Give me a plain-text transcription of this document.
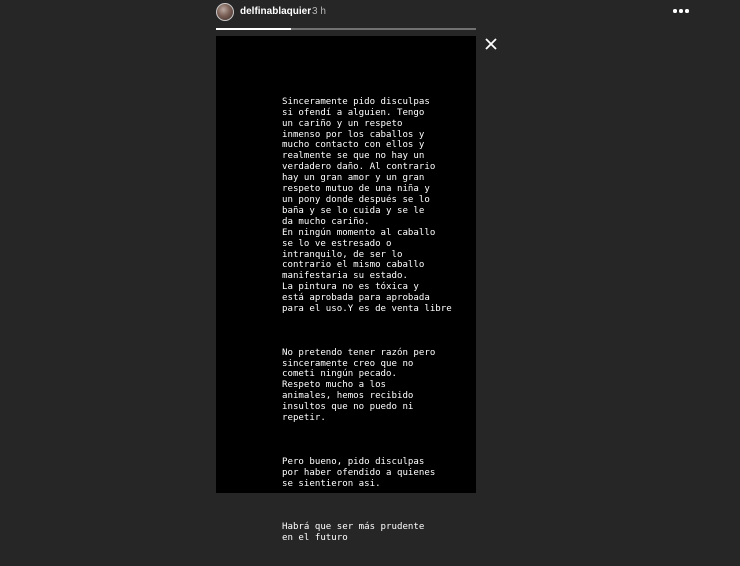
delfinablaquier 3 h

Sinceramente pido disculpas
si ofendí a alguien. Tengo
un cariño y un respeto
inmenso por los caballos y
mucho contacto con ellos y
realmente se que no hay un
verdadero daño. Al contrario
hay un gran amor y un gran
respeto mutuo de una niña y
un pony donde después se lo
baña y se lo cuida y se le
da mucho cariño.
En ningún momento al caballo
se lo ve estresado o
intranquilo, de ser lo
contrario el mismo caballo
manifestaria su estado.
La pintura no es tóxica y
está aprobada para aprobada
para el uso.Y es de venta libre

No pretendo tener razón pero
sinceramente creo que no
cometi ningún pecado.
Respeto mucho a los
animales, hemos recibido
insultos que no puedo ni
repetir.

Pero bueno, pido disculpas
por haber ofendido a quienes
se sientieron asi.

Habrá que ser más prudente
en el futuro
